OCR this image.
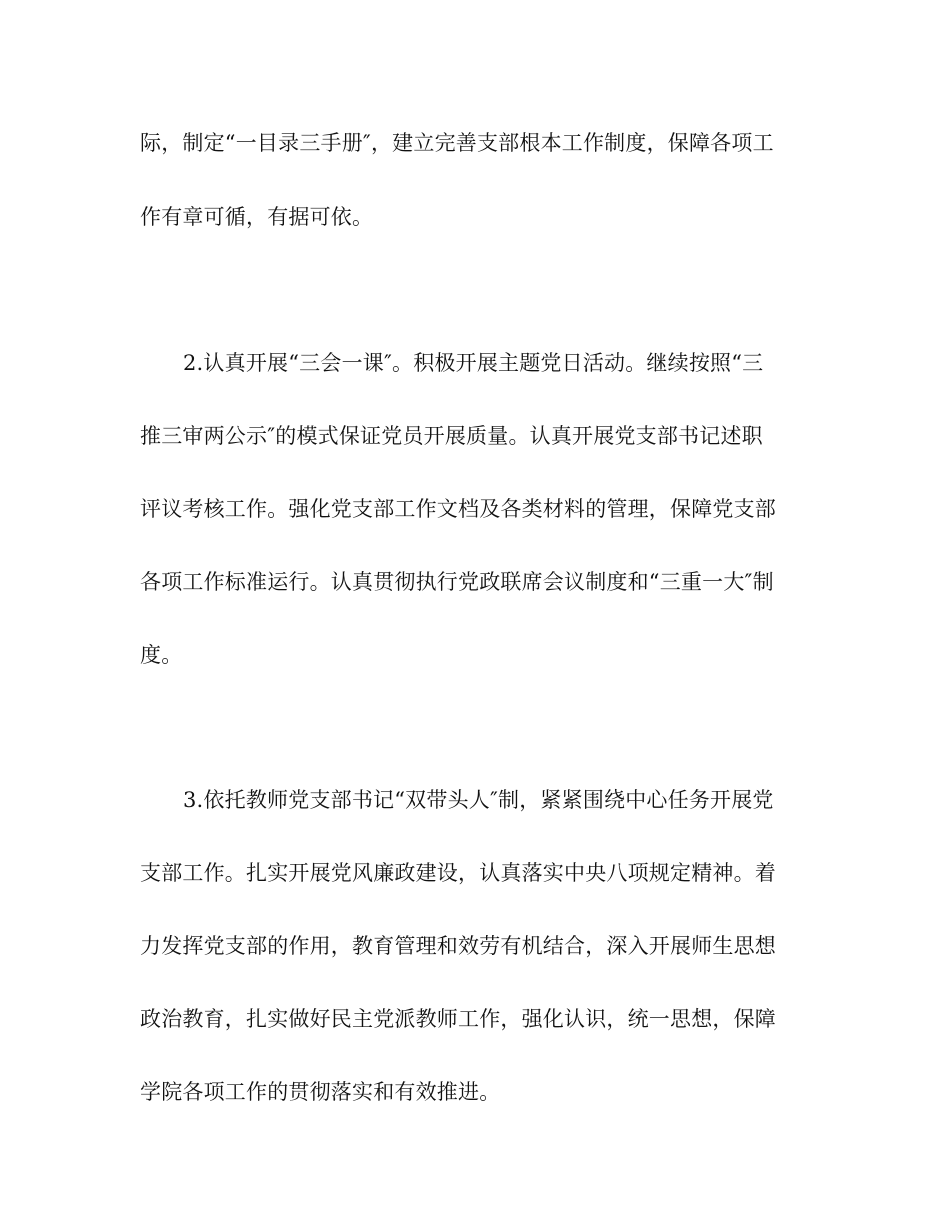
际，制定“一目录三手册″，建立完善支部根本工作制度，保障各项工
作有章可循，有据可依。
2.认真开展“三会一课″。积极开展主题党日活动。继续按照“三
推三审两公示″的模式保证党员开展质量。认真开展党支部书记述职
评议考核工作。强化党支部工作文档及各类材料的管理，保障党支部
各项工作标准运行。认真贯彻执行党政联席会议制度和“三重一大″制
度。
3.依托教师党支部书记“双带头人″制，紧紧围绕中心任务开展党
支部工作。扎实开展党风廉政建设，认真落实中央八项规定精神。着
力发挥党支部的作用，教育管理和效劳有机结合，深入开展师生思想
政治教育，扎实做好民主党派教师工作，强化认识，统一思想，保障
学院各项工作的贯彻落实和有效推进。
